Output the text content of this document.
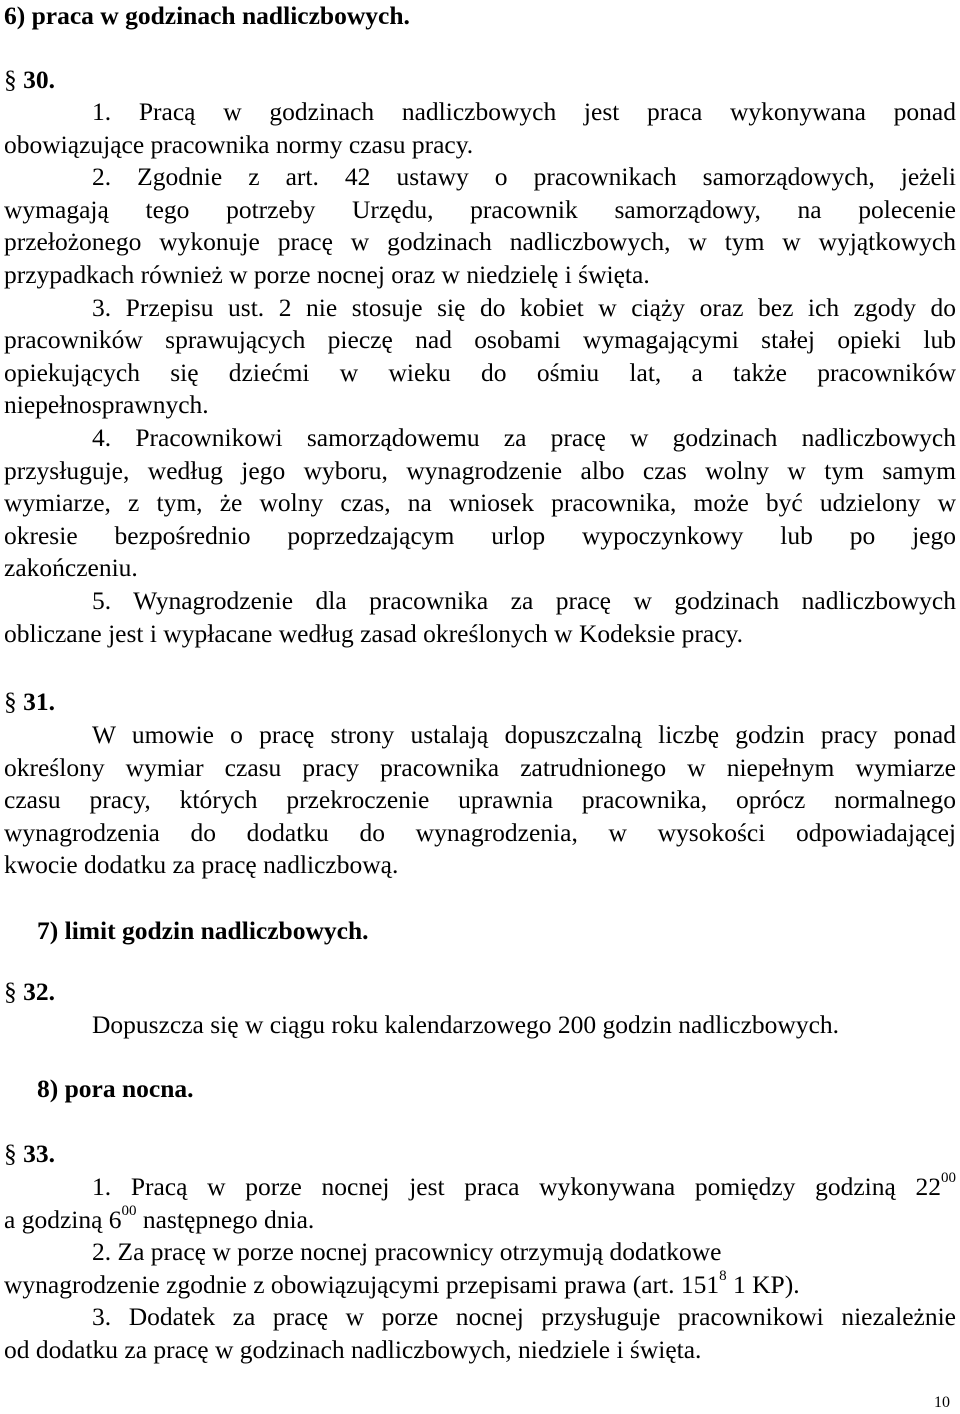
6) praca w godzinach nadliczbowych.
§ 30.
1. Pracą w godzinach nadliczbowych jest praca wykonywana ponad
obowiązujące pracownika normy czasu pracy.
2. Zgodnie z art. 42 ustawy o pracownikach samorządowych, jeżeli
wymagają tego potrzeby Urzędu, pracownik samorządowy, na polecenie
przełożonego wykonuje pracę w godzinach nadliczbowych, w tym w wyjątkowych
przypadkach również w porze nocnej oraz w niedzielę i święta.
3. Przepisu ust. 2 nie stosuje się do kobiet w ciąży oraz bez ich zgody do
pracowników sprawujących pieczę nad osobami wymagającymi stałej opieki lub
opiekujących się dziećmi w wieku do ośmiu lat, a także pracowników
niepełnosprawnych.
4. Pracownikowi samorządowemu za pracę w godzinach nadliczbowych
przysługuje, według jego wyboru, wynagrodzenie albo czas wolny w tym samym
wymiarze, z tym, że wolny czas, na wniosek pracownika, może być udzielony w
okresie bezpośrednio poprzedzającym urlop wypoczynkowy lub po jego
zakończeniu.
5. Wynagrodzenie dla pracownika za pracę w godzinach nadliczbowych
obliczane jest i wypłacane według zasad określonych w Kodeksie pracy.
§ 31.
W umowie o pracę strony ustalają dopuszczalną liczbę godzin pracy ponad
określony wymiar czasu pracy pracownika zatrudnionego w niepełnym wymiarze
czasu pracy, których przekroczenie uprawnia pracownika, oprócz normalnego
wynagrodzenia do dodatku do wynagrodzenia, w wysokości odpowiadającej
kwocie dodatku za pracę nadliczbową.
7) limit godzin nadliczbowych.
§ 32.
Dopuszcza się w ciągu roku kalendarzowego 200 godzin nadliczbowych.
8) pora nocna.
§ 33.
1. Pracą w porze nocnej jest praca wykonywana pomiędzy godziną $22^{00}$
a godziną $6^{00}$ następnego dnia.
2. Za pracę w porze nocnej pracownicy otrzymują dodatkowe
wynagrodzenie zgodnie z obowiązującymi przepisami prawa (art. $151^8$ 1 KP).
3. Dodatek za pracę w porze nocnej przysługuje pracownikowi niezależnie
od dodatku za pracę w godzinach nadliczbowych, niedziele i święta.
10
